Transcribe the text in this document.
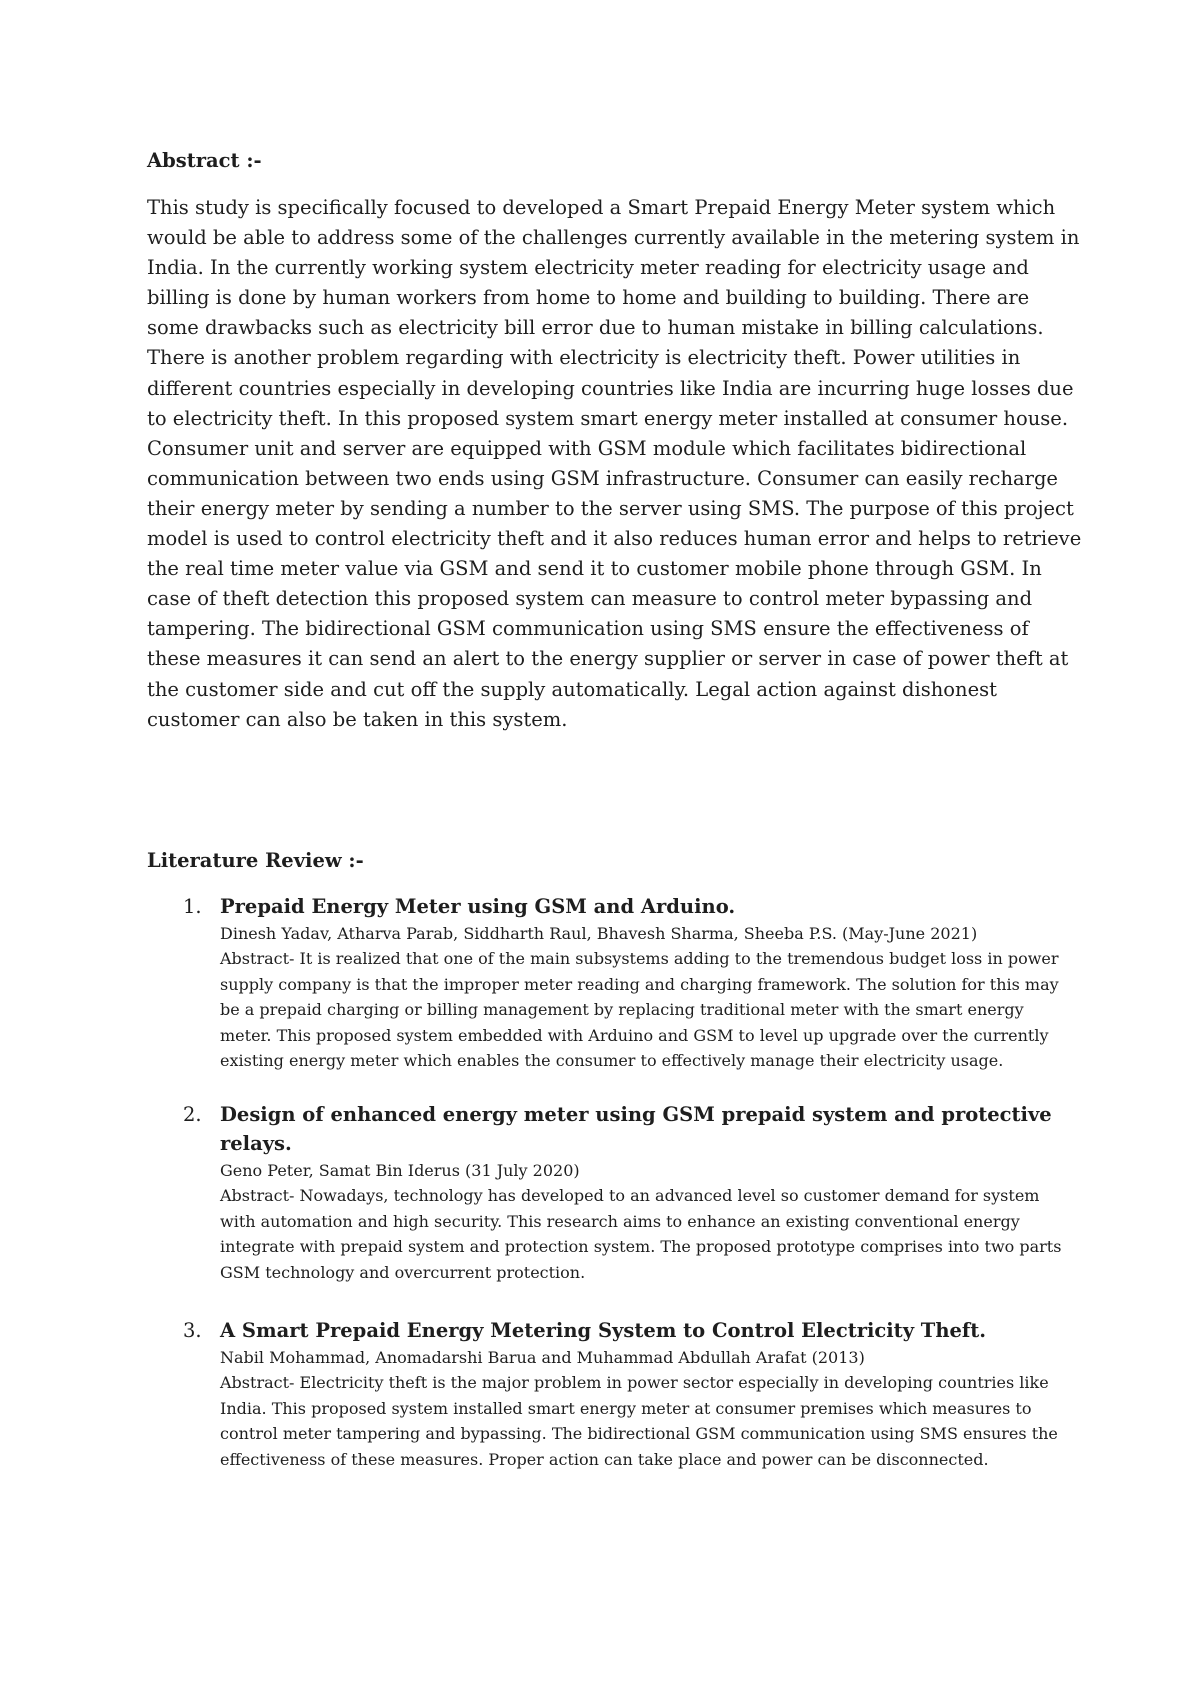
Abstract :-

This study is specifically focused to developed a Smart Prepaid Energy Meter system which
would be able to address some of the challenges currently available in the metering system in
India. In the currently working system electricity meter reading for electricity usage and
billing is done by human workers from home to home and building to building. There are
some drawbacks such as electricity bill error due to human mistake in billing calculations.
There is another problem regarding with electricity is electricity theft. Power utilities in
different countries especially in developing countries like India are incurring huge losses due
to electricity theft. In this proposed system smart energy meter installed at consumer house.
Consumer unit and server are equipped with GSM module which facilitates bidirectional
communication between two ends using GSM infrastructure. Consumer can easily recharge
their energy meter by sending a number to the server using SMS. The purpose of this project
model is used to control electricity theft and it also reduces human error and helps to retrieve
the real time meter value via GSM and send it to customer mobile phone through GSM. In
case of theft detection this proposed system can measure to control meter bypassing and
tampering. The bidirectional GSM communication using SMS ensure the effectiveness of
these measures it can send an alert to the energy supplier or server in case of power theft at
the customer side and cut off the supply automatically. Legal action against dishonest
customer can also be taken in this system.

Literature Review :-
1. Prepaid Energy Meter using GSM and Arduino.

Dinesh Yadav, Atharva Parab, Siddharth Raul, Bhavesh Sharma, Sheeba P.S. (May-June 2021)

Abstract- It is realized that one of the main subsystems adding to the tremendous budget loss in power
supply company is that the improper meter reading and charging framework. The solution for this may
be a prepaid charging or billing management by replacing traditional meter with the smart energy
meter. This proposed system embedded with Arduino and GSM to level up upgrade over the currently
existing energy meter which enables the consumer to effectively manage their electricity usage.

2. Design of enhanced energy meter using GSM prepaid system and protective
relays.

Geno Peter, Samat Bin Iderus (31 July 2020)

Abstract- Nowadays, technology has developed to an advanced level so customer demand for system
with automation and high security. This research aims to enhance an existing conventional energy
integrate with prepaid system and protection system. The proposed prototype comprises into two parts
GSM technology and overcurrent protection.

3. A Smart Prepaid Energy Metering System to Control Electricity Theft.

Nabil Mohammad, Anomadarshi Barua and Muhammad Abdullah Arafat (2013)

Abstract- Electricity theft is the major problem in power sector especially in developing countries like
India. This proposed system installed smart energy meter at consumer premises which measures to
control meter tampering and bypassing. The bidirectional GSM communication using SMS ensures the
effectiveness of these measures. Proper action can take place and power can be disconnected.
